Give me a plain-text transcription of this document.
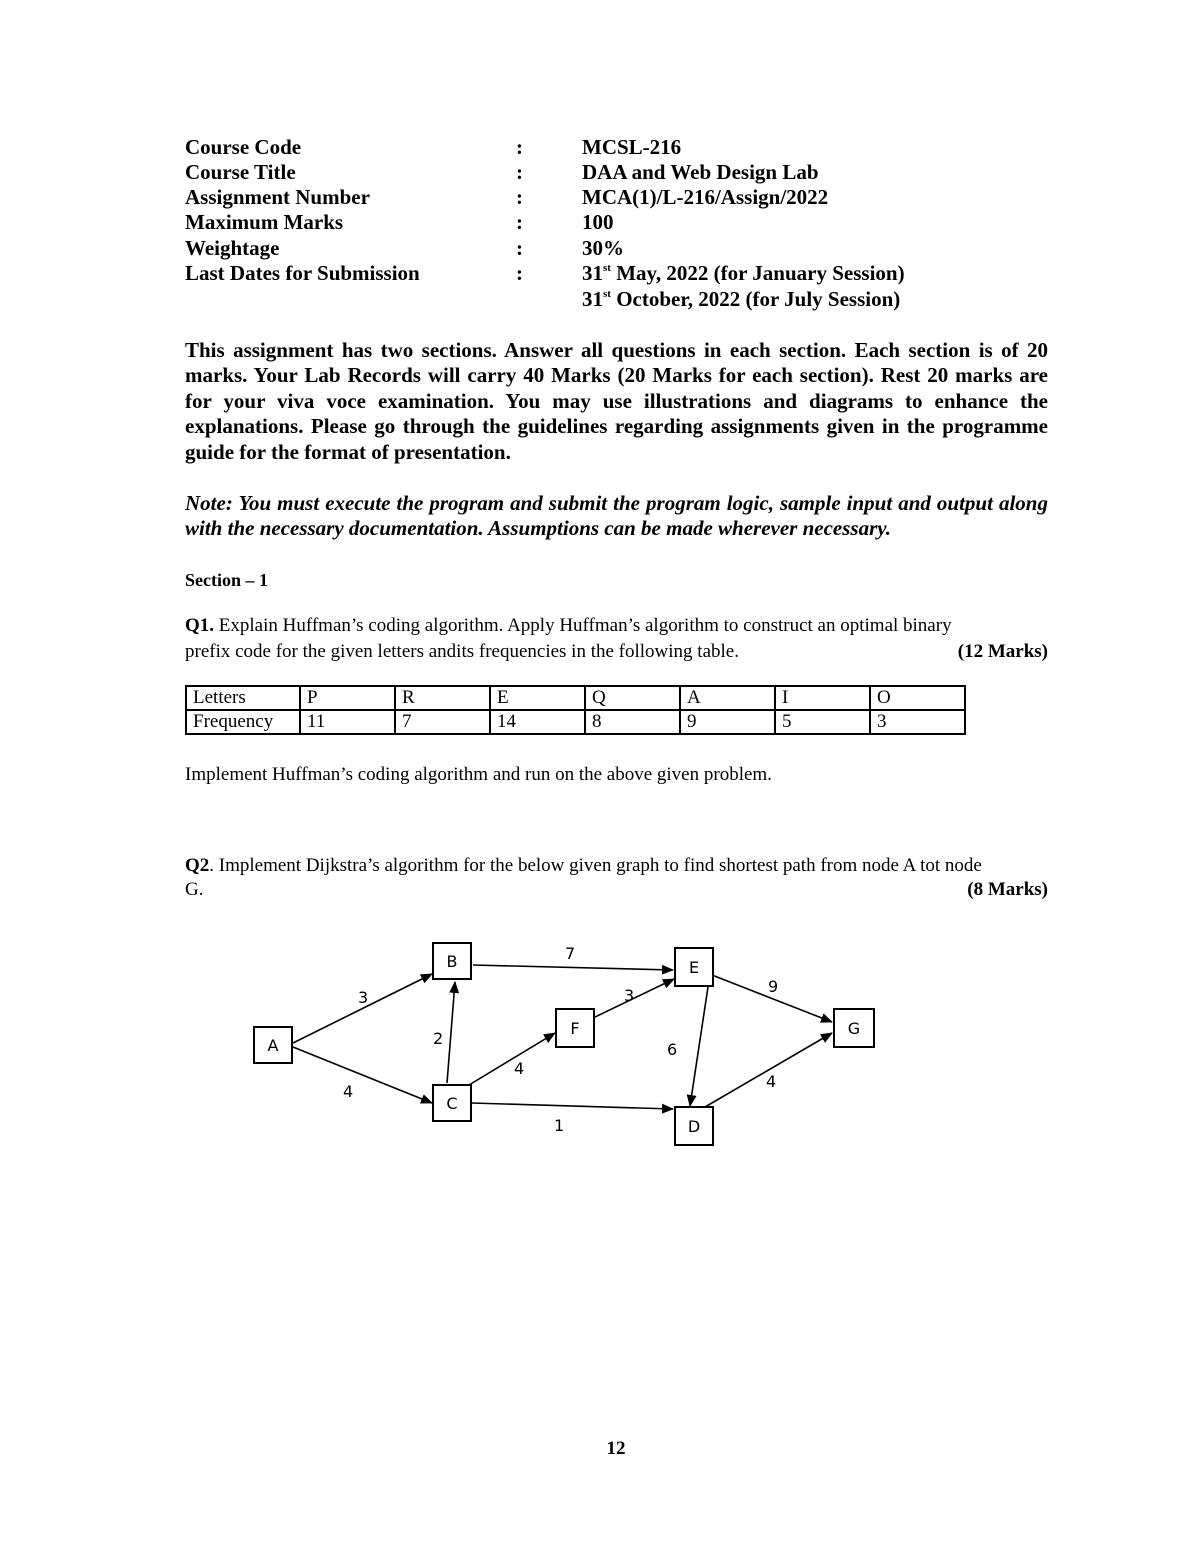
Course Code	:	MCSL-216
Course Title	:	DAA and Web Design Lab
Assignment Number	:	MCA(1)/L-216/Assign/2022
Maximum Marks	:	100
Weightage	:	30%
Last Dates for Submission	:	31st May, 2022 (for January Session)
31st October, 2022 (for July Session)

This assignment has two sections. Answer all questions in each section. Each section is of 20 marks. Your Lab Records will carry 40 Marks (20 Marks for each section). Rest 20 marks are for your viva voce examination. You may use illustrations and diagrams to enhance the explanations. Please go through the guidelines regarding assignments given in the programme guide for the format of presentation.

Note: You must execute the program and submit the program logic, sample input and output along with the necessary documentation. Assumptions can be made wherever necessary.

Section – 1
Q1. Explain Huffman’s coding algorithm. Apply Huffman’s algorithm to construct an optimal binary
prefix code for the given letters andits frequencies in the following table.	(12 Marks)
Letters	P	R	E	Q	A	I	O
Frequency	11	7	14	8	9	5	3
Implement Huffman’s coding algorithm and run on the above given problem.
Q2. Implement Dijkstra’s algorithm for the below given graph to find shortest path from node A tot node
G.	(8 Marks)
3
4
2
7
4
3
1
6
9
4
A
B
C
D
E
F	G
12
